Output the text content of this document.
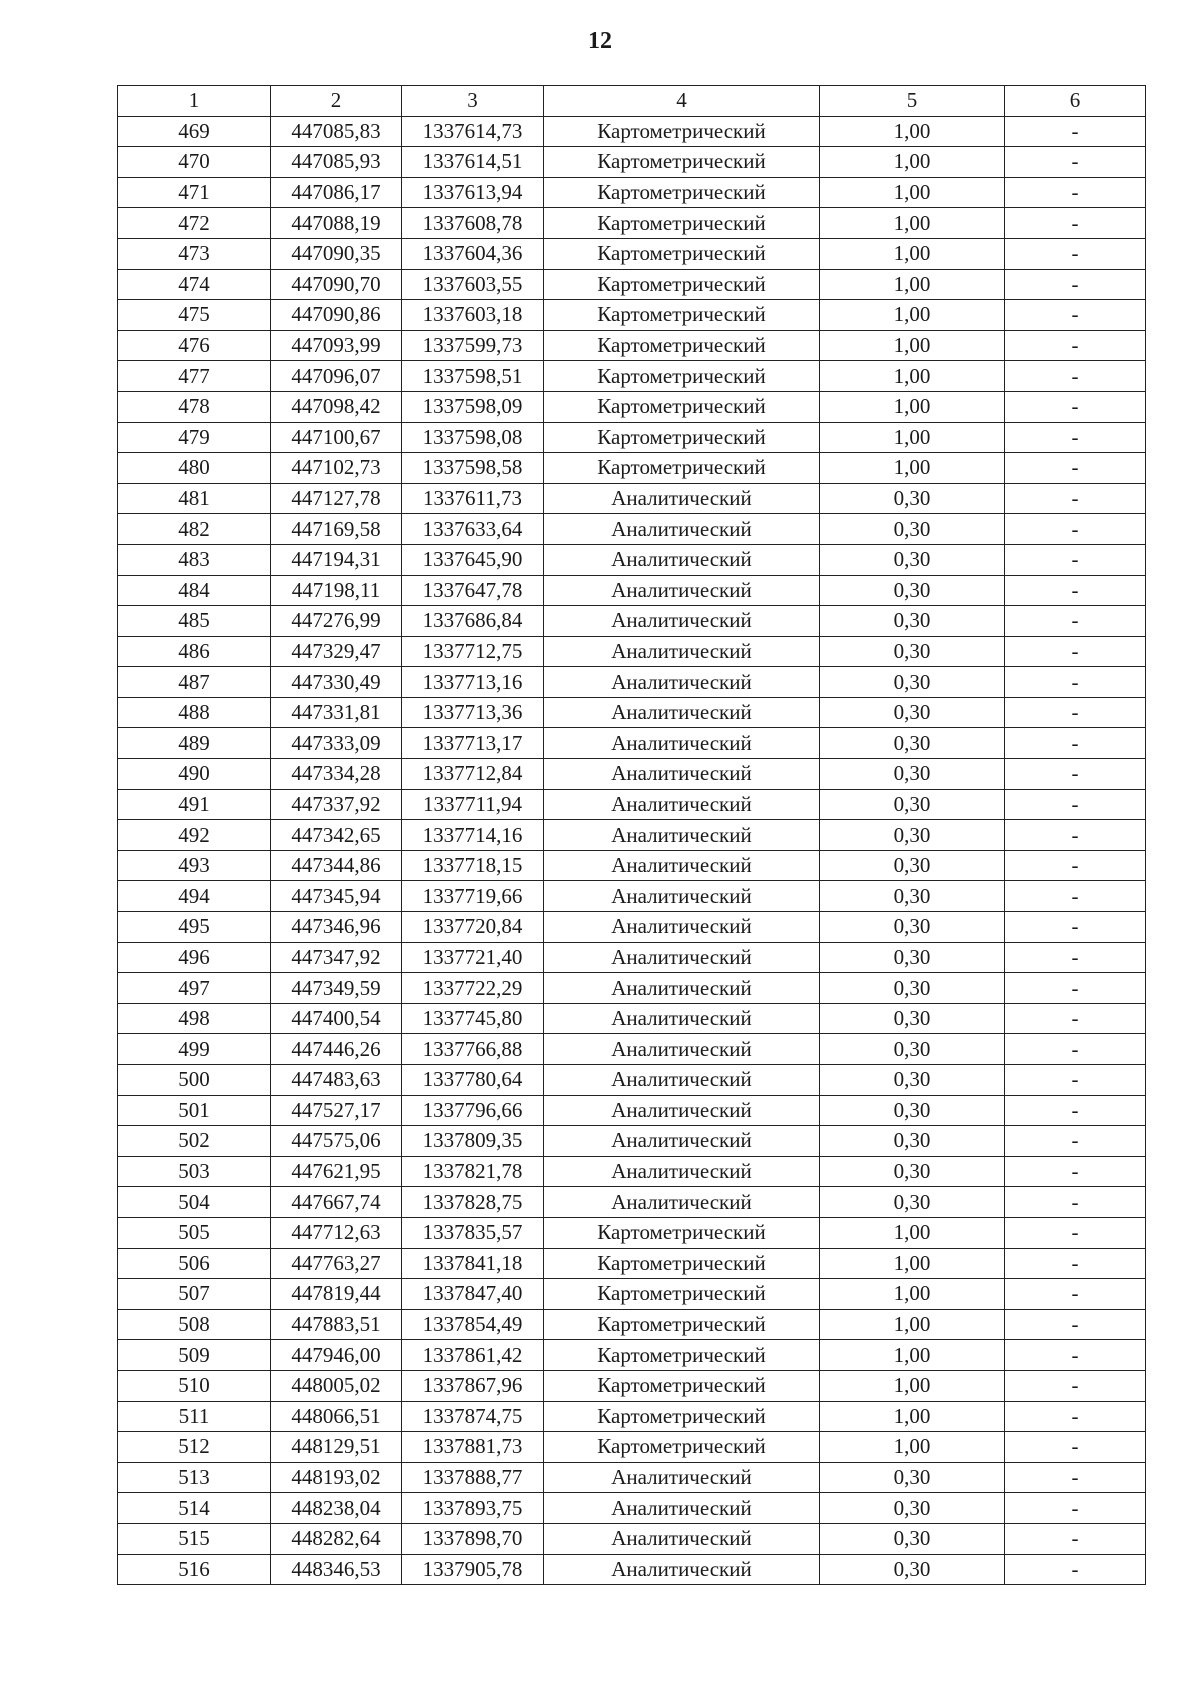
12
1	2	3	4	5	6
469	447085,83	1337614,73	Картометрический	1,00	-
470	447085,93	1337614,51	Картометрический	1,00	-
471	447086,17	1337613,94	Картометрический	1,00	-
472	447088,19	1337608,78	Картометрический	1,00	-
473	447090,35	1337604,36	Картометрический	1,00	-
474	447090,70	1337603,55	Картометрический	1,00	-
475	447090,86	1337603,18	Картометрический	1,00	-
476	447093,99	1337599,73	Картометрический	1,00	-
477	447096,07	1337598,51	Картометрический	1,00	-
478	447098,42	1337598,09	Картометрический	1,00	-
479	447100,67	1337598,08	Картометрический	1,00	-
480	447102,73	1337598,58	Картометрический	1,00	-
481	447127,78	1337611,73	Аналитический	0,30	-
482	447169,58	1337633,64	Аналитический	0,30	-
483	447194,31	1337645,90	Аналитический	0,30	-
484	447198,11	1337647,78	Аналитический	0,30	-
485	447276,99	1337686,84	Аналитический	0,30	-
486	447329,47	1337712,75	Аналитический	0,30	-
487	447330,49	1337713,16	Аналитический	0,30	-
488	447331,81	1337713,36	Аналитический	0,30	-
489	447333,09	1337713,17	Аналитический	0,30	-
490	447334,28	1337712,84	Аналитический	0,30	-
491	447337,92	1337711,94	Аналитический	0,30	-
492	447342,65	1337714,16	Аналитический	0,30	-
493	447344,86	1337718,15	Аналитический	0,30	-
494	447345,94	1337719,66	Аналитический	0,30	-
495	447346,96	1337720,84	Аналитический	0,30	-
496	447347,92	1337721,40	Аналитический	0,30	-
497	447349,59	1337722,29	Аналитический	0,30	-
498	447400,54	1337745,80	Аналитический	0,30	-
499	447446,26	1337766,88	Аналитический	0,30	-
500	447483,63	1337780,64	Аналитический	0,30	-
501	447527,17	1337796,66	Аналитический	0,30	-
502	447575,06	1337809,35	Аналитический	0,30	-
503	447621,95	1337821,78	Аналитический	0,30	-
504	447667,74	1337828,75	Аналитический	0,30	-
505	447712,63	1337835,57	Картометрический	1,00	-
506	447763,27	1337841,18	Картометрический	1,00	-
507	447819,44	1337847,40	Картометрический	1,00	-
508	447883,51	1337854,49	Картометрический	1,00	-
509	447946,00	1337861,42	Картометрический	1,00	-
510	448005,02	1337867,96	Картометрический	1,00	-
511	448066,51	1337874,75	Картометрический	1,00	-
512	448129,51	1337881,73	Картометрический	1,00	-
513	448193,02	1337888,77	Аналитический	0,30	-
514	448238,04	1337893,75	Аналитический	0,30	-
515	448282,64	1337898,70	Аналитический	0,30	-
516	448346,53	1337905,78	Аналитический	0,30	-
